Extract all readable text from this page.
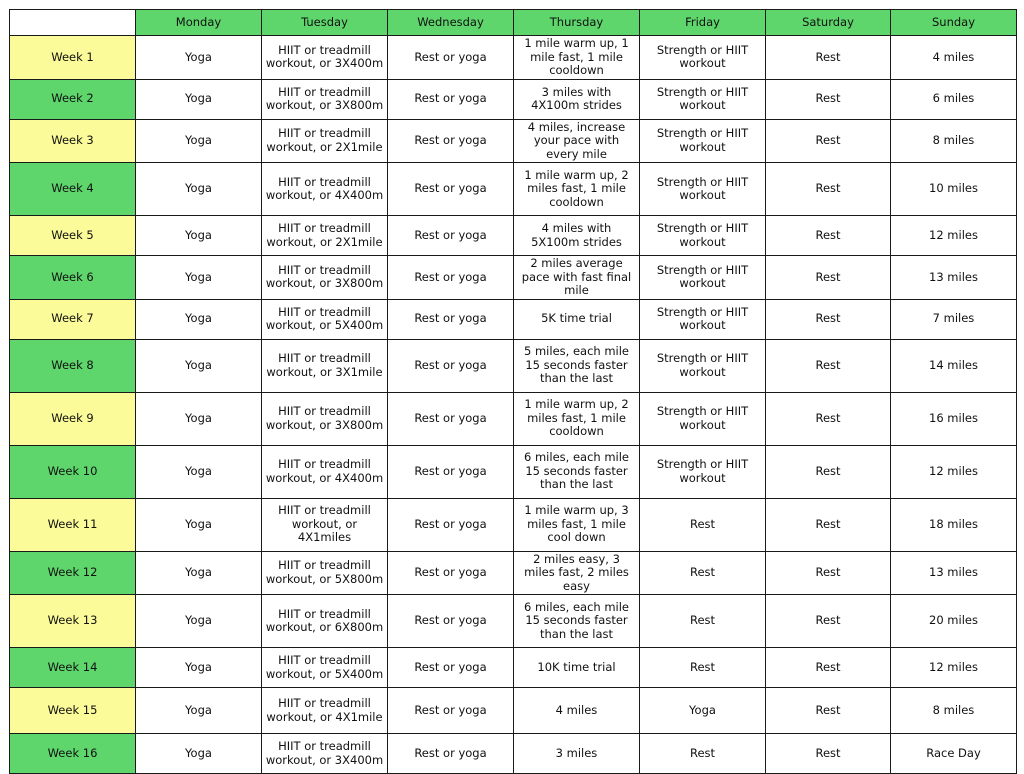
	Monday	Tuesday	Wednesday	Thursday	Friday	Saturday	Sunday
Week 1	Yoga	HIIT or treadmill workout, or 3X400m	Rest or yoga	1 mile warm up, 1 mile fast, 1 mile cooldown	Strength or HIIT workout	Rest	4 miles
Week 2	Yoga	HIIT or treadmill workout, or 3X800m	Rest or yoga	3 miles with 4X100m strides	Strength or HIIT workout	Rest	6 miles
Week 3	Yoga	HIIT or treadmill workout, or 2X1mile	Rest or yoga	4 miles, increase your pace with every mile	Strength or HIIT workout	Rest	8 miles
Week 4	Yoga	HIIT or treadmill workout, or 4X400m	Rest or yoga	1 mile warm up, 2 miles fast, 1 mile cooldown	Strength or HIIT workout	Rest	10 miles
Week 5	Yoga	HIIT or treadmill workout, or 2X1mile	Rest or yoga	4 miles with 5X100m strides	Strength or HIIT workout	Rest	12 miles
Week 6	Yoga	HIIT or treadmill workout, or 3X800m	Rest or yoga	2 miles average pace with fast final mile	Strength or HIIT workout	Rest	13 miles
Week 7	Yoga	HIIT or treadmill workout, or 5X400m	Rest or yoga	5K time trial	Strength or HIIT workout	Rest	7 miles
Week 8	Yoga	HIIT or treadmill workout, or 3X1mile	Rest or yoga	5 miles, each mile 15 seconds faster than the last	Strength or HIIT workout	Rest	14 miles
Week 9	Yoga	HIIT or treadmill workout, or 3X800m	Rest or yoga	1 mile warm up, 2 miles fast, 1 mile cooldown	Strength or HIIT workout	Rest	16 miles
Week 10	Yoga	HIIT or treadmill workout, or 4X400m	Rest or yoga	6 miles, each mile 15 seconds faster than the last	Strength or HIIT workout	Rest	12 miles
Week 11	Yoga	HIIT or treadmill workout, or 4X1miles	Rest or yoga	1 mile warm up, 3 miles fast, 1 mile cool down	Rest	Rest	18 miles
Week 12	Yoga	HIIT or treadmill workout, or 5X800m	Rest or yoga	2 miles easy, 3 miles fast, 2 miles easy	Rest	Rest	13 miles
Week 13	Yoga	HIIT or treadmill workout, or 6X800m	Rest or yoga	6 miles, each mile 15 seconds faster than the last	Rest	Rest	20 miles
Week 14	Yoga	HIIT or treadmill workout, or 5X400m	Rest or yoga	10K time trial	Rest	Rest	12 miles
Week 15	Yoga	HIIT or treadmill workout, or 4X1mile	Rest or yoga	4 miles	Yoga	Rest	8 miles
Week 16	Yoga	HIIT or treadmill workout, or 3X400m	Rest or yoga	3 miles	Rest	Rest	Race Day
